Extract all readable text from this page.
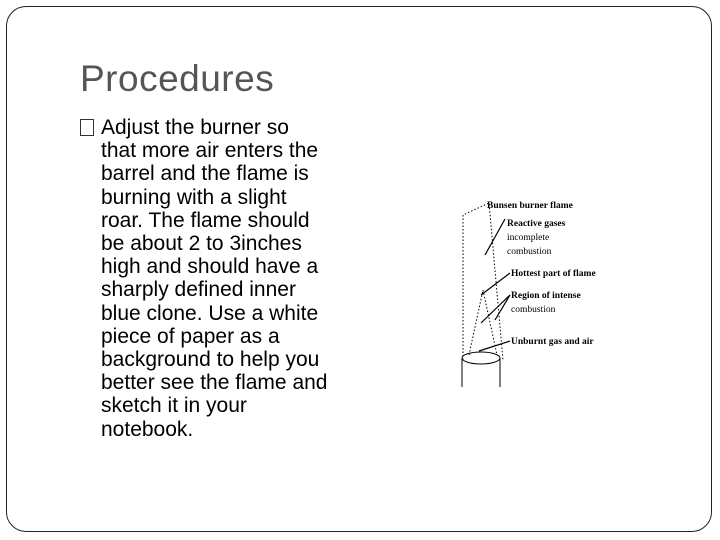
Procedures
Adjust the burner so
that more air enters the
barrel and the flame is
burning with a slight
roar. The flame should
be about 2 to 3inches
high and should have a
sharply defined inner
blue clone. Use a white
piece of paper as a
background to help you
better see the flame and
sketch it in your
notebook.
Bunsen burner flame
Reactive gases
incomplete
combustion
Hottest part of flame
Region of intense
combustion
Unburnt gas and air
